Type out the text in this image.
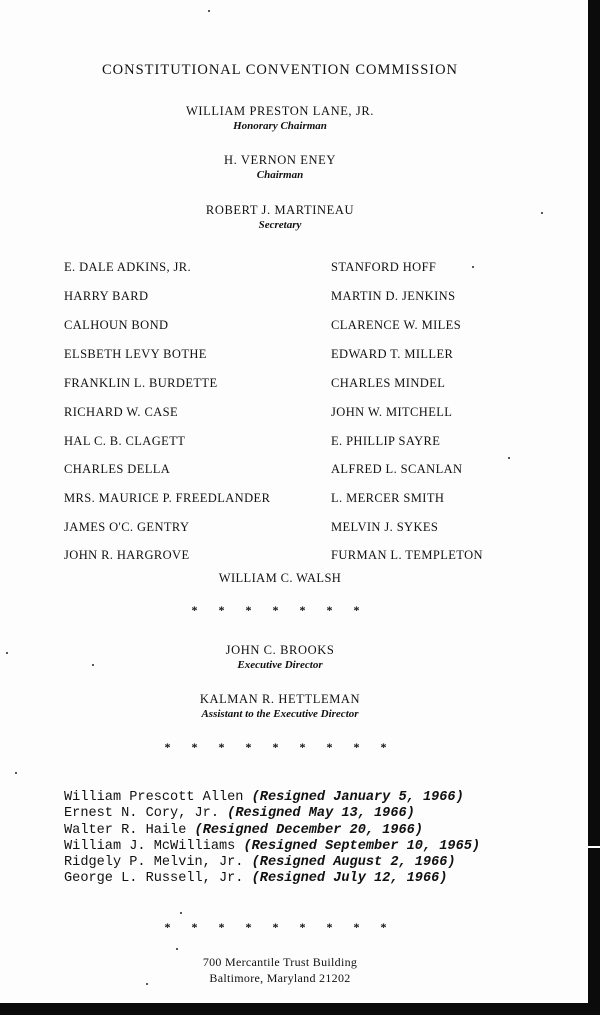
CONSTITUTIONAL CONVENTION COMMISSION
WILLIAM PRESTON LANE, JR.
Honorary Chairman
H. VERNON ENEY
Chairman
ROBERT J. MARTINEAU
Secretary
E. DALE ADKINS, JR.	STANFORD HOFF
HARRY BARD	MARTIN D. JENKINS
CALHOUN BOND	CLARENCE W. MILES
ELSBETH LEVY BOTHE	EDWARD T. MILLER
FRANKLIN L. BURDETTE	CHARLES MINDEL
RICHARD W. CASE	JOHN W. MITCHELL
HAL C. B. CLAGETT	E. PHILLIP SAYRE
CHARLES DELLA	ALFRED L. SCANLAN
MRS. MAURICE P. FREEDLANDER	L. MERCER SMITH
JAMES O'C. GENTRY	MELVIN J. SYKES
JOHN R. HARGROVE	FURMAN L. TEMPLETON
WILLIAM C. WALSH
* * * * * * *
JOHN C. BROOKS
Executive Director
KALMAN R. HETTLEMAN
Assistant to the Executive Director
* * * * * * * * *
William Prescott Allen (Resigned January 5, 1966)
Ernest N. Cory, Jr. (Resigned May 13, 1966)
Walter R. Haile (Resigned December 20, 1966)
William J. McWilliams (Resigned September 10, 1965)
Ridgely P. Melvin, Jr. (Resigned August 2, 1966)
George L. Russell, Jr. (Resigned July 12, 1966)
* * * * * * * * *
700 Mercantile Trust Building
Baltimore, Maryland 21202
